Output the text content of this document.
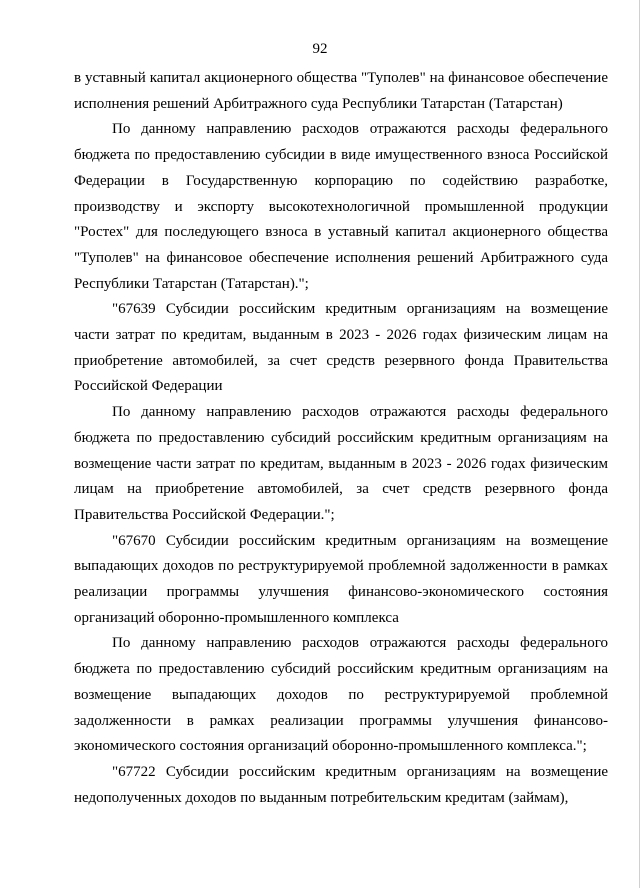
92

в уставный капитал акционерного общества "Туполев" на финансовое обеспечение исполнения решений Арбитражного суда Республики Татарстан (Татарстан)

По данному направлению расходов отражаются расходы федерального бюджета по предоставлению субсидии в виде имущественного взноса Российской Федерации в Государственную корпорацию по содействию разработке, производству и экспорту высокотехнологичной промышленной продукции "Ростех" для последующего взноса в уставный капитал акционерного общества "Туполев" на финансовое обеспечение исполнения решений Арбитражного суда Республики Татарстан (Татарстан).";

"67639 Субсидии российским кредитным организациям на возмещение части затрат по кредитам, выданным в 2023 - 2026 годах физическим лицам на приобретение автомобилей, за счет средств резервного фонда Правительства Российской Федерации

По данному направлению расходов отражаются расходы федерального бюджета по предоставлению субсидий российским кредитным организациям на возмещение части затрат по кредитам, выданным в 2023 - 2026 годах физическим лицам на приобретение автомобилей, за счет средств резервного фонда Правительства Российской Федерации.";

"67670 Субсидии российским кредитным организациям на возмещение выпадающих доходов по реструктурируемой проблемной задолженности в рамках реализации программы улучшения финансово-экономического состояния организаций оборонно-промышленного комплекса

По данному направлению расходов отражаются расходы федерального бюджета по предоставлению субсидий российским кредитным организациям на возмещение выпадающих доходов по реструктурируемой проблемной задолженности в рамках реализации программы улучшения финансово-экономического состояния организаций оборонно-промышленного комплекса.";

"67722 Субсидии российским кредитным организациям на возмещение недополученных доходов по выданным потребительским кредитам (займам),
